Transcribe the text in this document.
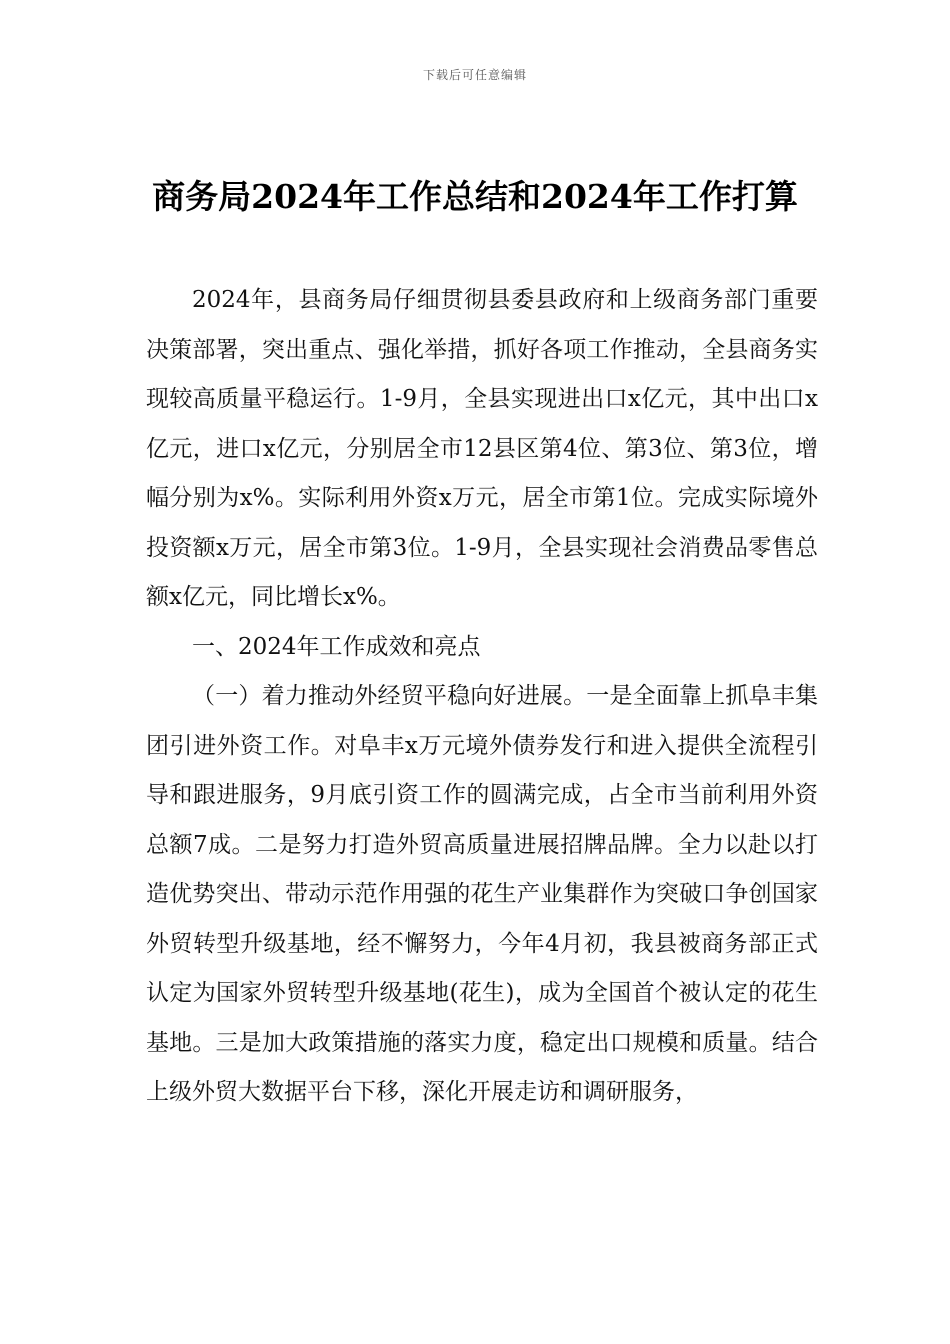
下载后可任意编辑
商务局2024年工作总结和2024年工作打算

2024年，县商务局仔细贯彻县委县政府和上级商务部门重要决策部署，突出重点、强化举措，抓好各项工作推动，全县商务实现较高质量平稳运行。1-9月，全县实现进出口x亿元，其中出口x亿元，进口x亿元，分别居全市12县区第4位、第3位、第3位，增幅分别为x%。实际利用外资x万元，居全市第1位。完成实际境外投资额x万元，居全市第3位。1-9月，全县实现社会消费品零售总额x亿元，同比增长x%。

一、2024年工作成效和亮点

（一）着力推动外经贸平稳向好进展。一是全面靠上抓阜丰集团引进外资工作。对阜丰x万元境外债券发行和进入提供全流程引导和跟进服务，9月底引资工作的圆满完成，占全市当前利用外资总额7成。二是努力打造外贸高质量进展招牌品牌。全力以赴以打造优势突出、带动示范作用强的花生产业集群作为突破口争创国家外贸转型升级基地，经不懈努力，今年4月初，我县被商务部正式认定为国家外贸转型升级基地(花生)，成为全国首个被认定的花生基地。三是加大政策措施的落实力度，稳定出口规模和质量。结合上级外贸大数据平台下移，深化开展走访和调研服务，
